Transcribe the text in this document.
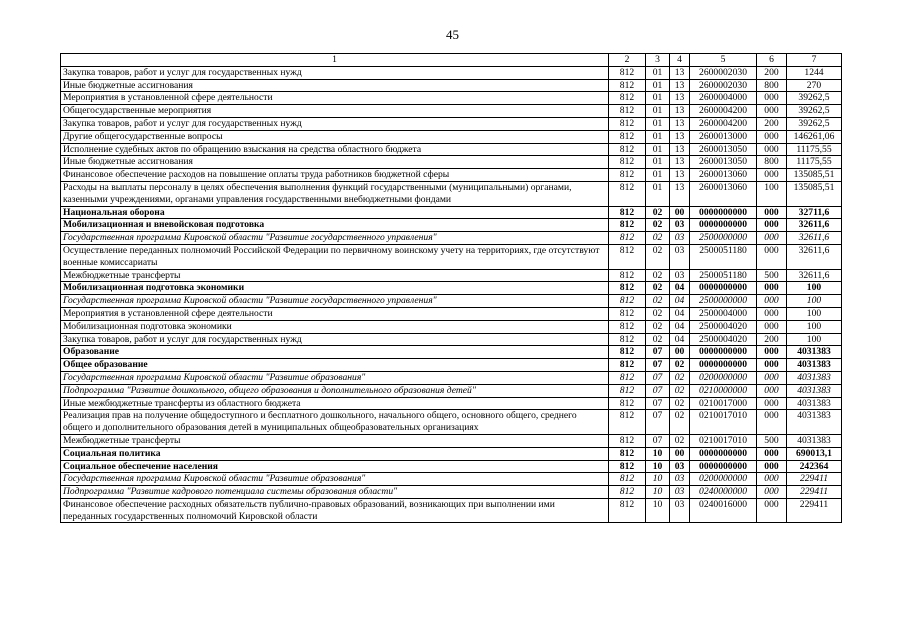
45
1	2	3	4	5	6	7
Закупка товаров, работ и услуг для государственных нужд	812	01	13	2600002030	200	1244
Иные бюджетные ассигнования	812	01	13	2600002030	800	270
Мероприятия в установленной сфере деятельности	812	01	13	2600004000	000	39262,5
Общегосударственные мероприятия	812	01	13	2600004200	000	39262,5
Закупка товаров, работ и услуг для государственных нужд	812	01	13	2600004200	200	39262,5
Другие общегосударственные вопросы	812	01	13	2600013000	000	146261,06
Исполнение судебных актов по обращению взыскания на средства областного бюджета	812	01	13	2600013050	000	11175,55
Иные бюджетные ассигнования	812	01	13	2600013050	800	11175,55
Финансовое обеспечение расходов на повышение оплаты труда работников бюджетной сферы	812	01	13	2600013060	000	135085,51
Расходы на выплаты персоналу в целях обеспечения выполнения функций государственными (муниципальными) органами, казенными учреждениями, органами управления государственными внебюджетными фондами	812	01	13	2600013060	100	135085,51
Национальная оборона	812	02	00	0000000000	000	32711,6
Мобилизационная и вневойсковая подготовка	812	02	03	0000000000	000	32611,6
Государственная программа Кировской области "Развитие государственного управления"	812	02	03	2500000000	000	32611,6
Осуществление переданных полномочий Российской Федерации по первичному воинскому учету на территориях, где отсутствуют военные комиссариаты	812	02	03	2500051180	000	32611,6
Межбюджетные трансферты	812	02	03	2500051180	500	32611,6
Мобилизационная подготовка экономики	812	02	04	0000000000	000	100
Государственная программа Кировской области "Развитие государственного управления"	812	02	04	2500000000	000	100
Мероприятия в установленной сфере деятельности	812	02	04	2500004000	000	100
Мобилизационная подготовка экономики	812	02	04	2500004020	000	100
Закупка товаров, работ и услуг для государственных нужд	812	02	04	2500004020	200	100
Образование	812	07	00	0000000000	000	4031383
Общее образование	812	07	02	0000000000	000	4031383
Государственная программа Кировской области "Развитие образования"	812	07	02	0200000000	000	4031383
Подпрограмма "Развитие дошкольного, общего образования и дополнительного образования детей"	812	07	02	0210000000	000	4031383
Иные межбюджетные трансферты из областного бюджета	812	07	02	0210017000	000	4031383
Реализация прав на получение общедоступного и бесплатного дошкольного, начального общего, основного общего, среднего общего и дополнительного образования детей в муниципальных общеобразовательных организациях	812	07	02	0210017010	000	4031383
Межбюджетные трансферты	812	07	02	0210017010	500	4031383
Социальная политика	812	10	00	0000000000	000	690013,1
Социальное обеспечение населения	812	10	03	0000000000	000	242364
Государственная программа Кировской области "Развитие образования"	812	10	03	0200000000	000	229411
Подпрограмма "Развитие кадрового потенциала системы образования области"	812	10	03	0240000000	000	229411
Финансовое обеспечение расходных обязательств публично-правовых образований, возникающих при выполнении ими переданных государственных полномочий Кировской области	812	10	03	0240016000	000	229411
